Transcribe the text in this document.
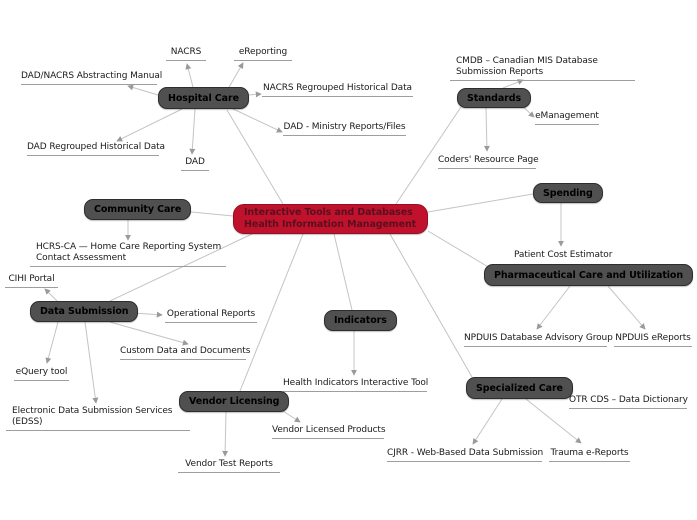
Interactive Tools and Databases
Health Information Management
Hospital Care	Standards
Community Care
Spending
Pharmaceutical Care and Utilization
Data Submission
Indicators
Vendor Licensing
Specialized Care
NACRS	eReporting
DAD/NACRS Abstracting Manual
NACRS Regrouped Historical Data
DAD - Ministry Reports/Files
DAD Regrouped Historical Data
DAD
CMDB – Canadian MIS Database
Submission Reports
eManagement
Coders' Resource Page
HCRS-CA — Home Care Reporting System
Contact Assessment
CIHI Portal
Patient Cost Estimator
Operational Reports
NPDUIS Database Advisory Group NPDUIS eReports
Custom Data and Documents
eQuery tool
Health Indicators Interactive Tool
OTR CDS – Data Dictionary
Electronic Data Submission Services
(EDSS)
Vendor Licensed Products
CJRR - Web-Based Data Submission Trauma e-Reports
Vendor Test Reports
